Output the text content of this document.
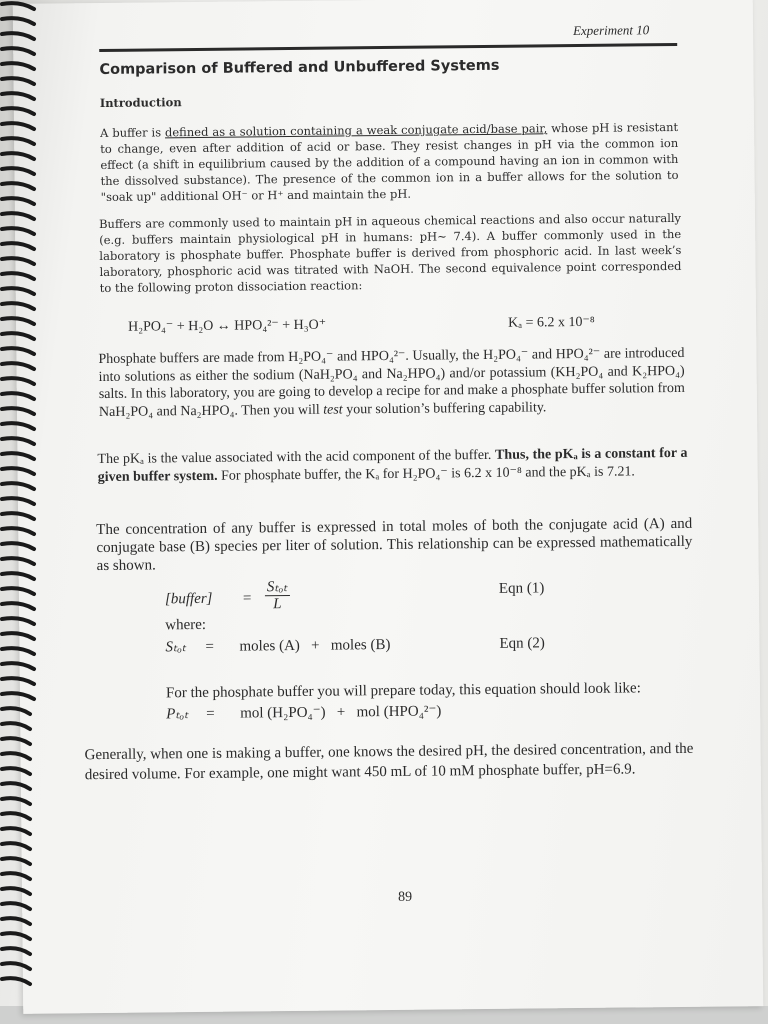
Experiment 10

Comparison of Buffered and Unbuffered Systems
Introduction

A buffer is defined as a solution containing a weak conjugate acid/base pair, whose pH is resistant to change, even after addition of acid or base. They resist changes in pH via the common ion effect (a shift in equilibrium caused by the addition of a compound having an ion in common with the dissolved substance). The presence of the common ion in a buffer allows for the solution to "soak up" additional OH⁻ or H⁺ and maintain the pH.

Buffers are commonly used to maintain pH in aqueous chemical reactions and also occur naturally (e.g. buffers maintain physiological pH in humans: pH~ 7.4). A buffer commonly used in the laboratory is phosphate buffer. Phosphate buffer is derived from phosphoric acid. In last week’s laboratory, phosphoric acid was titrated with NaOH. The second equivalence point corresponded to the following proton dissociation reaction:

H₂PO₄⁻ + H₂O ↔ HPO₄²⁻ + H₃O⁺	Kₐ = 6.2 x 10⁻⁸

Phosphate buffers are made from H₂PO₄⁻ and HPO₄²⁻. Usually, the H₂PO₄⁻ and HPO₄²⁻ are introduced into solutions as either the sodium (NaH₂PO₄ and Na₂HPO₄) and/or potassium (KH₂PO₄ and K₂HPO₄) salts. In this laboratory, you are going to develop a recipe for and make a phosphate buffer solution from NaH₂PO₄ and Na₂HPO₄. Then you will test your solution’s buffering capability.

The pKₐ is the value associated with the acid component of the buffer. Thus, the pKₐ is a constant for a given buffer system. For phosphate buffer, the Kₐ for H₂PO₄⁻ is 6.2 x 10⁻⁸ and the pKₐ is 7.21.

The concentration of any buffer is expressed in total moles of both the conjugate acid (A) and conjugate base (B) species per liter of solution. This relationship can be expressed mathematically as shown.

[buffer] =
Sₜₒₜ
L
Eqn (1)

where:

Sₜₒₜ = moles (A)   +   moles (B)	Eqn (2)

For the phosphate buffer you will prepare today, this equation should look like:

Pₜₒₜ = mol (H₂PO₄⁻)   +   mol (HPO₄²⁻)

Generally, when one is making a buffer, one knows the desired pH, the desired concentration, and the desired volume. For example, one might want 450 mL of 10 mM phosphate buffer, pH=6.9.

89
